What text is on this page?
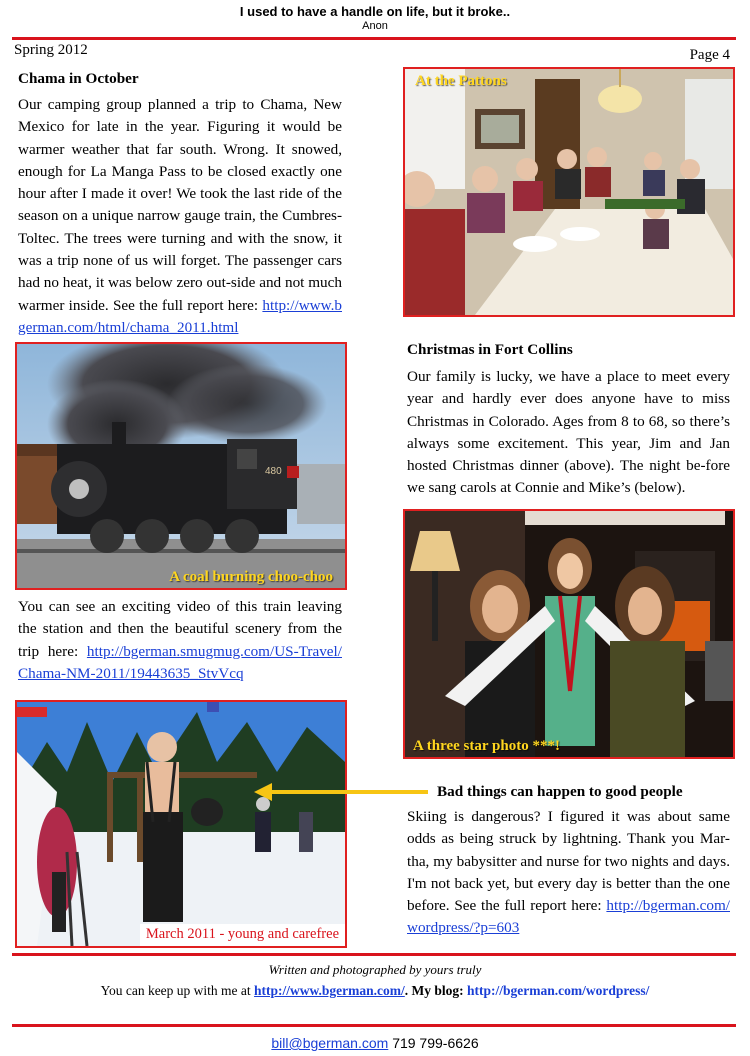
I used to have a handle on life, but it broke..
Anon
Spring 2012	Page 4
Chama in October

Our camping group planned a trip to Chama, New Mexico for late in the year. Figuring it would be warmer weather that far south. Wrong. It snowed, enough for La Manga Pass to be closed exactly one hour after I made it over! We took the last ride of the season on a unique narrow gauge train, the Cumbres-Toltec. The trees were turning and with the snow, it was a trip none of us will forget. The passenger cars had no heat, it was below zero out-side and not much warmer inside. See the full report here: http://www.bgerman.com/html/chama_2011.html

480
A coal burning choo-choo

You can see an exciting video of this train leaving the station and then the beautiful scenery from the trip here: http://bgerman.smugmug.com/US-Travel/Chama-NM-2011/19443635_StvVcq

March 2011 - young and carefree
At the Pattons
Christmas in Fort Collins

Our family is lucky, we have a place to meet every year and hardly ever does anyone have to miss Christmas in Colorado. Ages from 8 to 68, so there’s always some excitement. This year, Jim and Jan hosted Christmas dinner (above). The night be-fore we sang carols at Connie and Mike’s (below).

A three star photo ***!
Bad things can happen to good people

Skiing is dangerous? I figured it was about same odds as being struck by lightning. Thank you Mar-tha, my babysitter and nurse for two nights and days. I'm not back yet, but every day is better than the one before. See the full report here: http://bgerman.com/wordpress/?p=603

Written and photographed by yours truly
You can keep up with me at http://www.bgerman.com/. My blog: http://bgerman.com/wordpress/
bill@bgerman.com 719 799-6626
